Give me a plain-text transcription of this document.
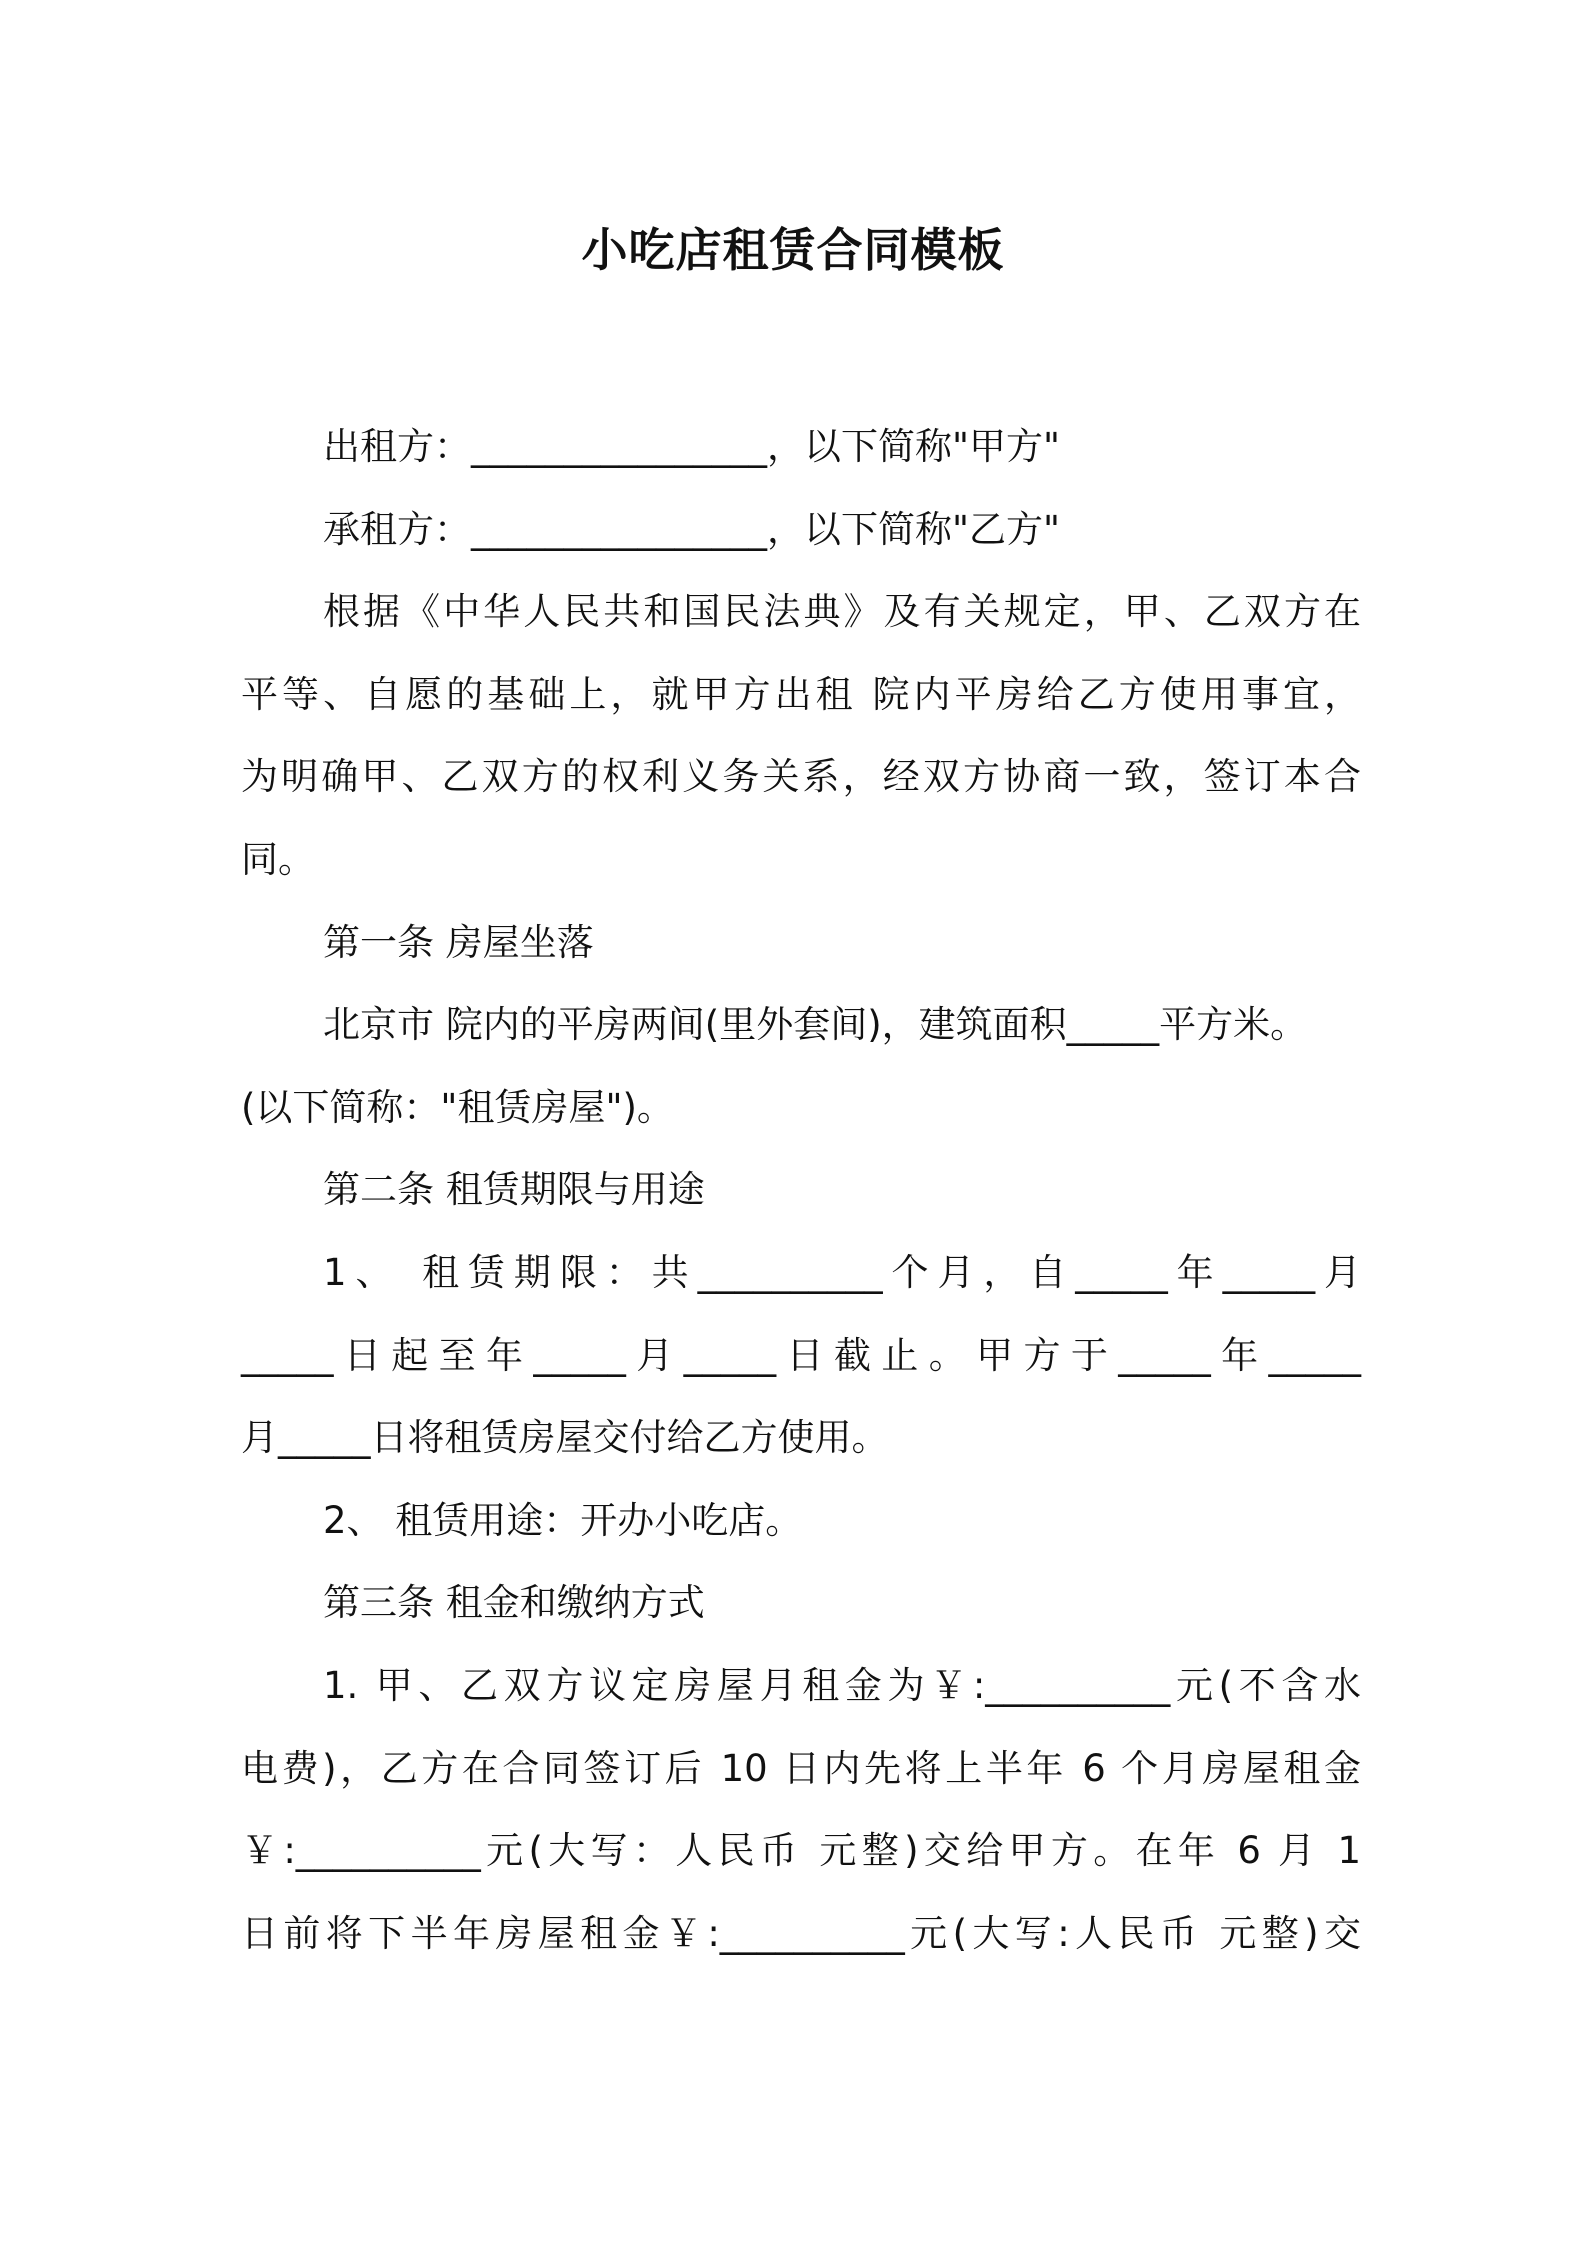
小吃店租赁合同模板
出租方：________________，以下简称"甲方"
承租方：________________，以下简称"乙方"
根据《中华人民共和国民法典》及有关规定，甲、乙双方在
平等、自愿的基础上，就甲方出租 院内平房给乙方使用事宜，
为明确甲、乙双方的权利义务关系，经双方协商一致，签订本合
同。
第一条 房屋坐落
北京市 院内的平房两间(里外套间)，建筑面积_____平方米。
(以下简称："租赁房屋")。
第二条 租赁期限与用途
1、 租赁期限：共__________个月，自_____年_____月
_____日起至年_____月_____日截止。甲方于_____年_____
月_____日将租赁房屋交付给乙方使用。
2、 租赁用途：开办小吃店。
第三条 租金和缴纳方式
1. 甲、乙双方议定房屋月租金为￥:__________元(不含水
电费)，乙方在合同签订后 10 日内先将上半年 6 个月房屋租金
￥:__________元(大写：人民币 元整)交给甲方。在年 6 月 1
日前将下半年房屋租金￥:__________元(大写:人民币 元整)交
